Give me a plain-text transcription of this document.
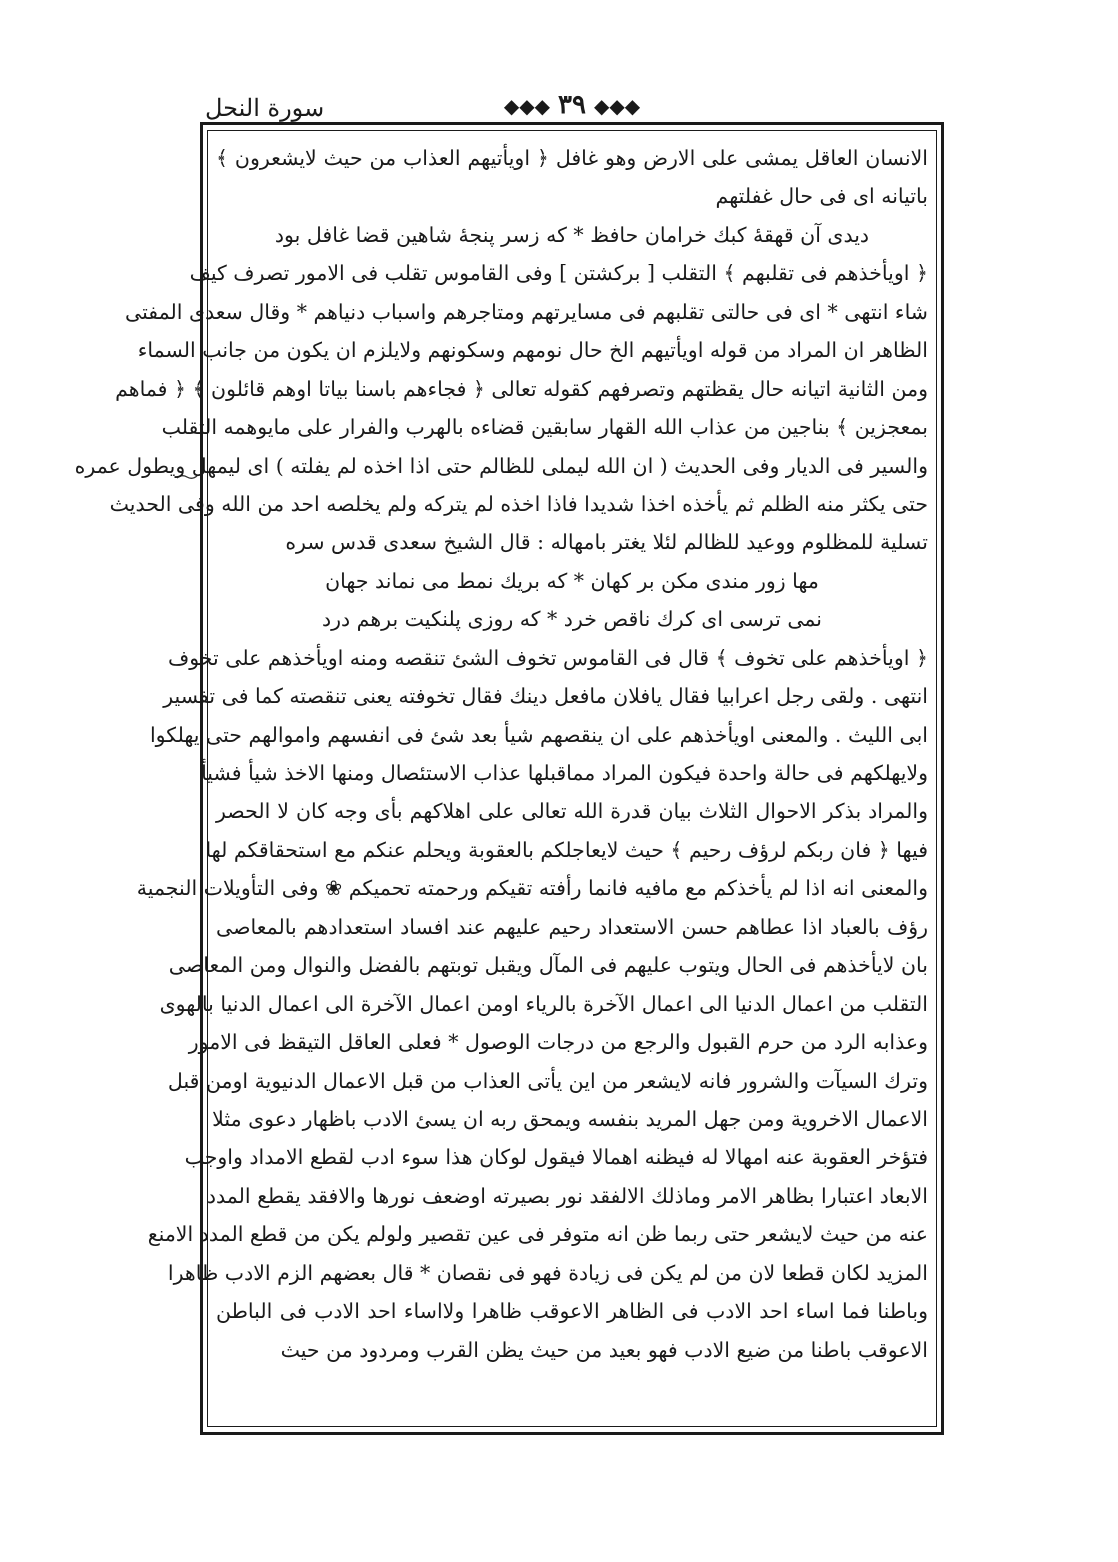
سورة النحل	◆◆◆ ٣٩ ◆◆◆
الانسان العاقل يمشى على الارض وهو غافل ﴿ اويأتيهم العذاب من حيث لايشعرون ﴾
باتيانه اى فى حال غفلتهم
ديدى آن قهقهٔ كبك خرامان حافظ * كه زسر پنجهٔ شاهين قضا غافل بود
﴿ اويأخذهم فى تقلبهم ﴾ التقلب [ بركشتن ] وفى القاموس تقلب فى الامور تصرف كيف
شاء انتهى * اى فى حالتى تقلبهم فى مسايرتهم ومتاجرهم واسباب دنياهم * وقال سعدى المفتى
الظاهر ان المراد من قوله اويأتيهم الخ حال نومهم وسكونهم ولايلزم ان يكون من جانب السماء
ومن الثانية اتيانه حال يقظتهم وتصرفهم كقوله تعالى ﴿ فجاءهم باسنا بياتا اوهم قائلون ﴾ ﴿ فماهم
بمعجزين ﴾ بناجين من عذاب الله القهار سابقين قضاءه بالهرب والفرار على مايوهمه التقلب
والسير فى الديار وفى الحديث ( ان الله ليملى للظالم حتى اذا اخذه لم يفلته ) اى ليمهل ويطول عمره
حتى يكثر منه الظلم ثم يأخذه اخذا شديدا فاذا اخذه لم يتركه ولم يخلصه احد من الله وفى الحديث
تسلية للمظلوم ووعيد للظالم لئلا يغتر بامهاله : قال الشيخ سعدى قدس سره
مها زور مندى مكن بر كهان * كه بريك نمط مى نماند جهان
نمى ترسى اى كرك ناقص خرد * كه روزى پلنكيت برهم درد
﴿ اويأخذهم على تخوف ﴾ قال فى القاموس تخوف الشئ تنقصه ومنه اويأخذهم على تخوف
انتهى . ولقى رجل اعرابيا فقال يافلان مافعل دينك فقال تخوفته يعنى تنقصته كما فى تفسير
ابى الليث . والمعنى اويأخذهم على ان ينقصهم شيأ بعد شئ فى انفسهم واموالهم حتى يهلكوا
ولايهلكهم فى حالة واحدة فيكون المراد مماقبلها عذاب الاستئصال ومنها الاخذ شيأ فشيأ
والمراد بذكر الاحوال الثلاث بيان قدرة الله تعالى على اهلاكهم بأى وجه كان لا الحصر
فيها ﴿ فان ربكم لرؤف رحيم ﴾ حيث لايعاجلكم بالعقوبة ويحلم عنكم مع استحقاقكم لها
والمعنى انه اذا لم يأخذكم مع مافيه فانما رأفته تقيكم ورحمته تحميكم ❀ وفى التأويلات النجمية
رؤف بالعباد اذا عطاهم حسن الاستعداد رحيم عليهم عند افساد استعدادهم بالمعاصى
بان لايأخذهم فى الحال ويتوب عليهم فى المآل ويقبل توبتهم بالفضل والنوال ومن المعاصى
التقلب من اعمال الدنيا الى اعمال الآخرة بالرياء اومن اعمال الآخرة الى اعمال الدنيا بالهوى
وعذابه الرد من حرم القبول والرجع من درجات الوصول * فعلى العاقل التيقظ فى الامور
وترك السيآت والشرور فانه لايشعر من اين يأتى العذاب من قبل الاعمال الدنيوية اومن قبل
الاعمال الاخروية ومن جهل المريد بنفسه ويمحق ربه ان يسئ الادب باظهار دعوى مثلا
فتؤخر العقوبة عنه امهالا له فيظنه اهمالا فيقول لوكان هذا سوء ادب لقطع الامداد واوجب
الابعاد اعتبارا بظاهر الامر وماذلك الالفقد نور بصيرته اوضعف نورها والافقد يقطع المدد
عنه من حيث لايشعر حتى ربما ظن انه متوفر فى عين تقصير ولولم يكن من قطع المدد الامنع
المزيد لكان قطعا لان من لم يكن فى زيادة فهو فى نقصان * قال بعضهم الزم الادب ظاهرا
وباطنا فما اساء احد الادب فى الظاهر الاعوقب ظاهرا ولااساء احد الادب فى الباطن
الاعوقب باطنا من ضيع الادب فهو بعيد من حيث يظن القرب ومردود من حيث
